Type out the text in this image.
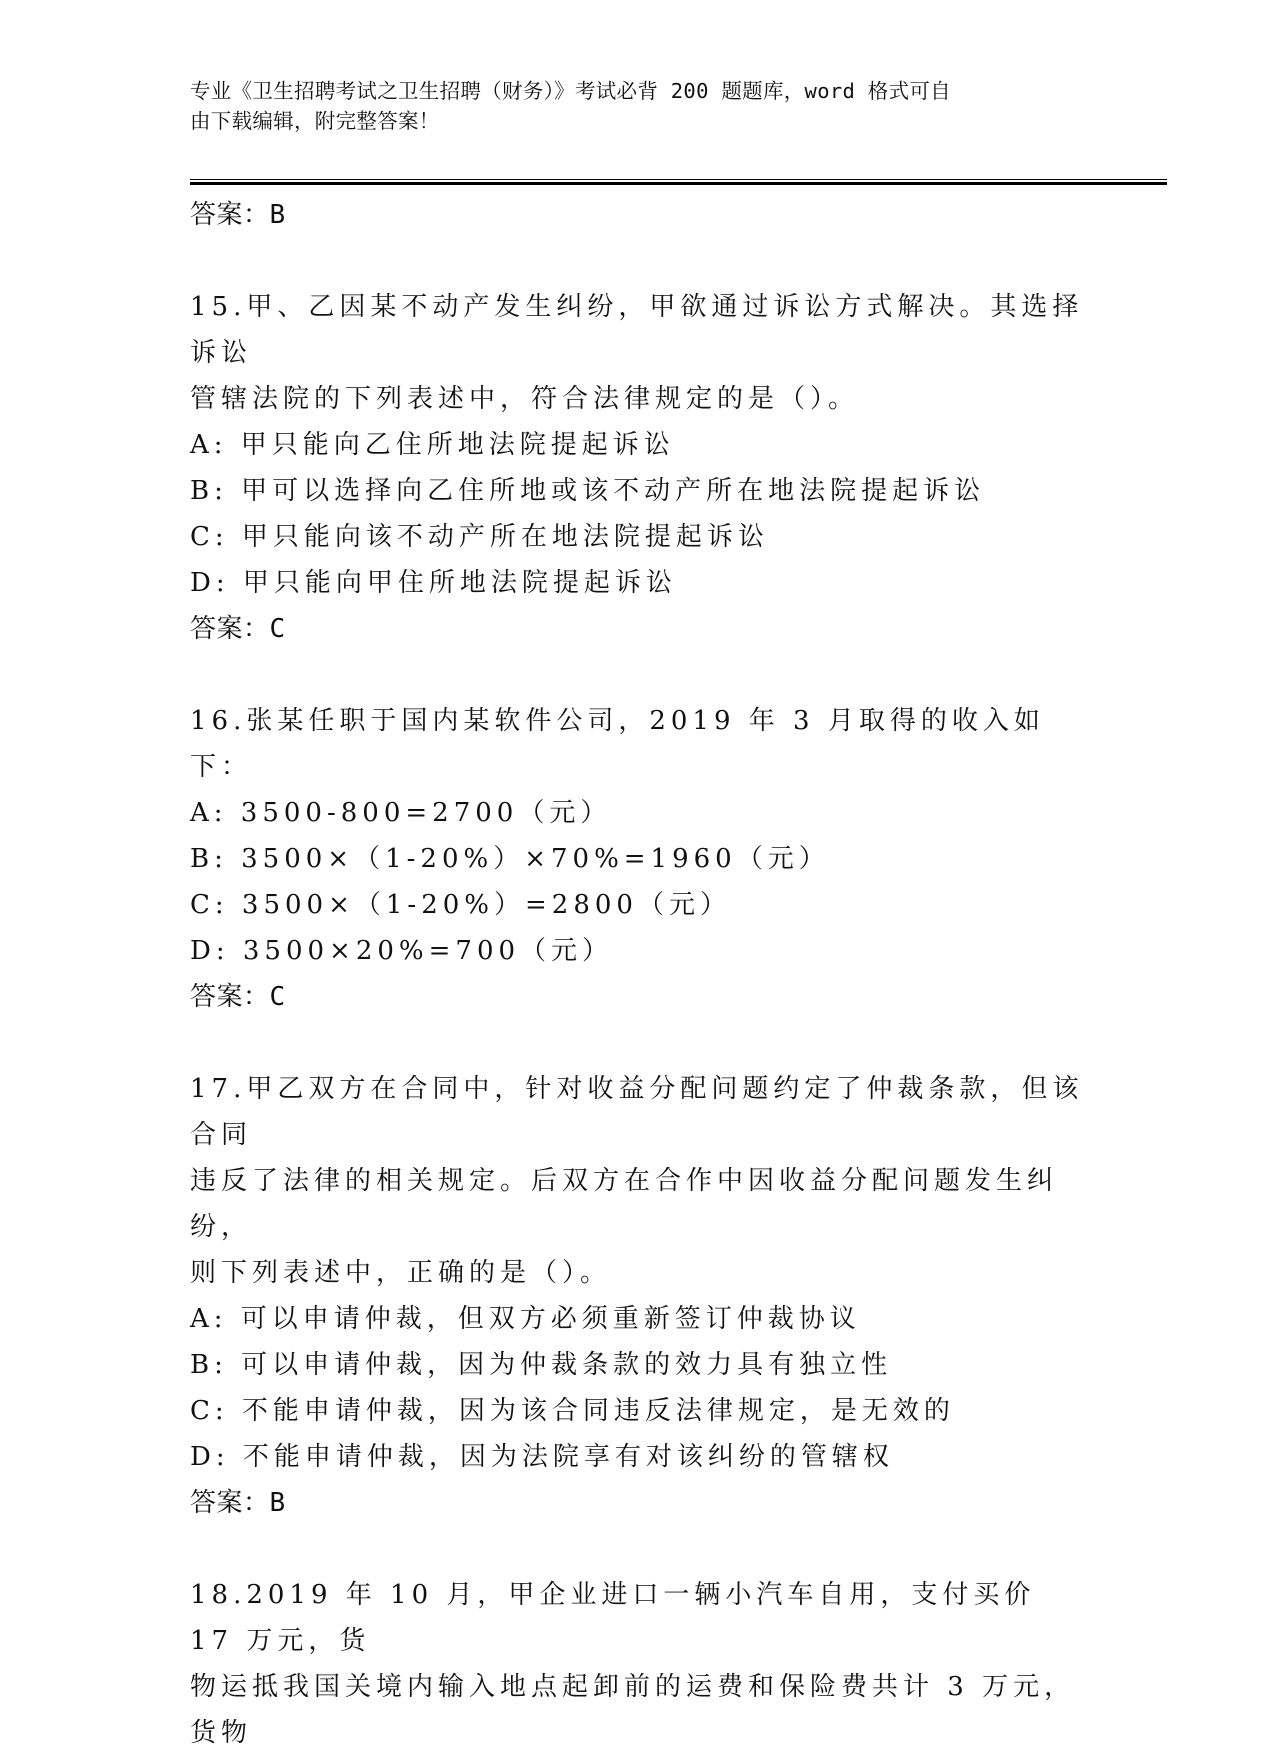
专业《卫生招聘考试之卫生招聘（财务）》考试必背 200 题题库，word 格式可自
由下载编辑，附完整答案！

答案：B

15.甲、乙因某不动产发生纠纷，甲欲通过诉讼方式解决。其选择诉讼

管辖法院的下列表述中，符合法律规定的是（）。

A: 甲只能向乙住所地法院提起诉讼

B: 甲可以选择向乙住所地或该不动产所在地法院提起诉讼

C: 甲只能向该不动产所在地法院提起诉讼

D: 甲只能向甲住所地法院提起诉讼

答案：C

16.张某任职于国内某软件公司，2019 年 3 月取得的收入如下：

A: 3500-800=2700（元）

B: 3500×（1-20%）×70%=1960（元）

C: 3500×（1-20%）=2800（元）

D: 3500×20%=700（元）

答案：C

17.甲乙双方在合同中，针对收益分配问题约定了仲裁条款，但该合同

违反了法律的相关规定。后双方在合作中因收益分配问题发生纠纷，

则下列表述中，正确的是（）。

A: 可以申请仲裁，但双方必须重新签订仲裁协议

B: 可以申请仲裁，因为仲裁条款的效力具有独立性

C: 不能申请仲裁，因为该合同违反法律规定，是无效的

D: 不能申请仲裁，因为法院享有对该纠纷的管辖权

答案：B

18.2019 年 10 月，甲企业进口一辆小汽车自用，支付买价 17 万元，货

物运抵我国关境内输入地点起卸前的运费和保险费共计 3 万元，货物
